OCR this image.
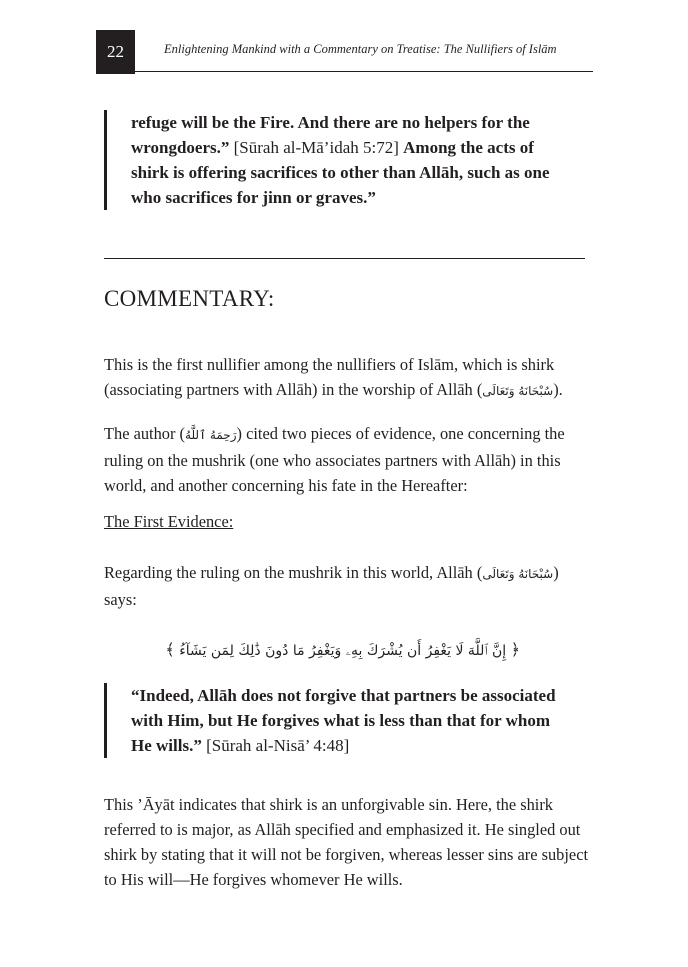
22	Enlightening Mankind with a Commentary on Treatise: The Nullifiers of Islām
refuge will be the Fire. And there are no helpers for the wrongdoers.” [Sūrah al-Mā’idah 5:72] Among the acts of shirk is offering sacrifices to other than Allāh, such as one who sacrifices for jinn or graves.”
COMMENTARY:
This is the first nullifier among the nullifiers of Islām, which is shirk (associating partners with Allāh) in the worship of Allāh (سُبْحَانَهُ وَتَعَالَى).
The author (رَحِمَهُ ٱللَّهُ) cited two pieces of evidence, one concerning the ruling on the mushrik (one who associates partners with Allāh) in this world, and another concerning his fate in the Hereafter:
The First Evidence:
Regarding the ruling on the mushrik in this world, Allāh (سُبْحَانَهُ وَتَعَالَى) says:
﴿ إِنَّ ٱللَّهَ لَا يَغْفِرُ أَن يُشْرَكَ بِهِۦ وَيَغْفِرُ مَا دُونَ ذَٰلِكَ لِمَن يَشَآءُ ﴾
“Indeed, Allāh does not forgive that partners be associated with Him, but He forgives what is less than that for whom He wills.” [Sūrah al-Nisā’ 4:48]
This ’Āyāt indicates that shirk is an unforgivable sin. Here, the shirk referred to is major, as Allāh specified and emphasized it. He singled out shirk by stating that it will not be forgiven, whereas lesser sins are subject to His will—He forgives whomever He wills.
